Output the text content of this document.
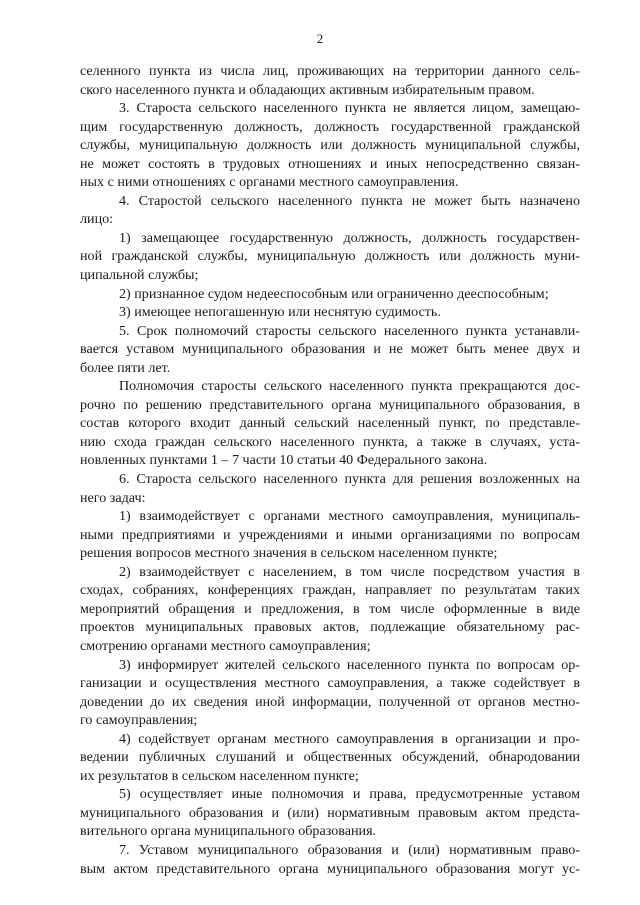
2
селенного пункта из числа лиц, проживающих на территории данного сель-
ского населенного пункта и обладающих активным избирательным правом.
3. Староста сельского населенного пункта не является лицом, замещаю-
щим государственную должность, должность государственной гражданской
службы, муниципальную должность или должность муниципальной службы,
не может состоять в трудовых отношениях и иных непосредственно связан-
ных с ними отношениях с органами местного самоуправления.
4. Старостой сельского населенного пункта не может быть назначено
лицо:
1) замещающее государственную должность, должность государствен-
ной гражданской службы, муниципальную должность или должность муни-
ципальной службы;
2) признанное судом недееспособным или ограниченно дееспособным;
3) имеющее непогашенную или неснятую судимость.
5. Срок полномочий старосты сельского населенного пункта устанавли-
вается уставом муниципального образования и не может быть менее двух и
более пяти лет.
Полномочия старосты сельского населенного пункта прекращаются дос-
рочно по решению представительного органа муниципального образования, в
состав которого входит данный сельский населенный пункт, по представле-
нию схода граждан сельского населенного пункта, а также в случаях, уста-
новленных пунктами 1 – 7 части 10 статьи 40 Федерального закона.
6. Староста сельского населенного пункта для решения возложенных на
него задач:
1) взаимодействует с органами местного самоуправления, муниципаль-
ными предприятиями и учреждениями и иными организациями по вопросам
решения вопросов местного значения в сельском населенном пункте;
2) взаимодействует с населением, в том числе посредством участия в
сходах, собраниях, конференциях граждан, направляет по результатам таких
мероприятий обращения и предложения, в том числе оформленные в виде
проектов муниципальных правовых актов, подлежащие обязательному рас-
смотрению органами местного самоуправления;
3) информирует жителей сельского населенного пункта по вопросам ор-
ганизации и осуществления местного самоуправления, а также содействует в
доведении до их сведения иной информации, полученной от органов местно-
го самоуправления;
4) содействует органам местного самоуправления в организации и про-
ведении публичных слушаний и общественных обсуждений, обнародовании
их результатов в сельском населенном пункте;
5) осуществляет иные полномочия и права, предусмотренные уставом
муниципального образования и (или) нормативным правовым актом предста-
вительного органа муниципального образования.
7. Уставом муниципального образования и (или) нормативным право-
вым актом представительного органа муниципального образования могут ус-
